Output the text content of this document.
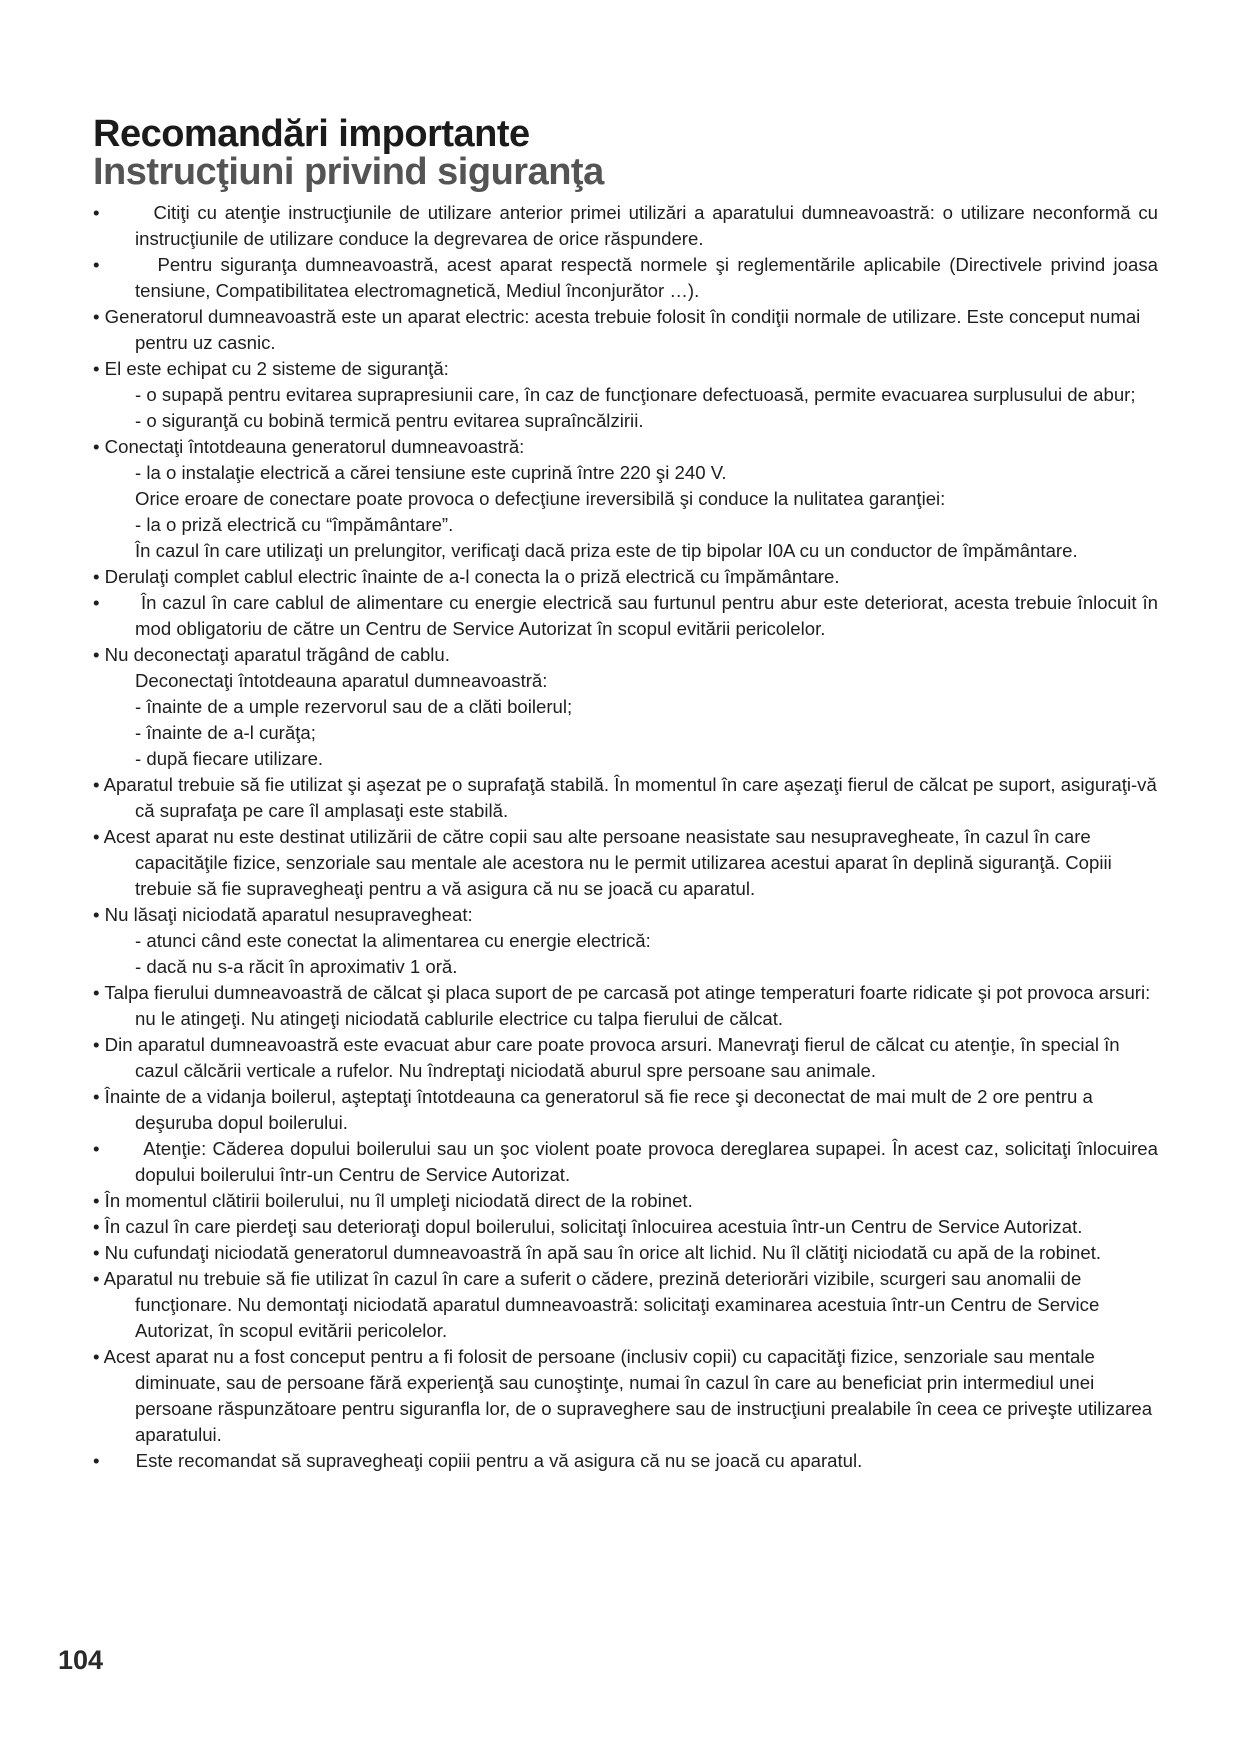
Recomandări importante
Instrucţiuni privind siguranţa

•       Citiţi cu atenţie instrucţiunile de utilizare anterior primei utilizări a aparatului dumneavoastră: o utilizare neconformă cu instrucţiunile de utilizare conduce la degrevarea de orice răspundere.

•       Pentru siguranţa dumneavoastră, acest aparat respectă normele şi reglementările aplicabile (Directivele privind joasa tensiune, Compatibilitatea electromagnetică, Mediul înconjurător …).

• Generatorul dumneavoastră este un aparat electric: acesta trebuie folosit în condiţii normale de utilizare. Este conceput numai pentru uz casnic.

• El este echipat cu 2 sisteme de siguranţă:

- o supapă pentru evitarea suprapresiunii care, în caz de funcţionare defectuoasă, permite evacuarea surplusului de abur;

- o siguranţă cu bobină termică pentru evitarea supraîncălzirii.

• Conectaţi întotdeauna generatorul dumneavoastră:

- la o instalaţie electrică a cărei tensiune este cuprină între 220 şi 240 V.

Orice eroare de conectare poate provoca o defecţiune ireversibilă şi conduce la nulitatea garanţiei:

- la o priză electrică cu “împământare”.

În cazul în care utilizaţi un prelungitor, verificaţi dacă priza este de tip bipolar I0A cu un conductor de împământare.

• Derulaţi complet cablul electric înainte de a-l conecta la o priză electrică cu împământare.

•       În cazul în care cablul de alimentare cu energie electrică sau furtunul pentru abur este deteriorat, acesta trebuie înlocuit în mod obligatoriu de către un Centru de Service Autorizat în scopul evitării pericolelor.

• Nu deconectaţi aparatul trăgând de cablu.

Deconectaţi întotdeauna aparatul dumneavoastră:

- înainte de a umple rezervorul sau de a clăti boilerul;

- înainte de a-l curăţa;

- după fiecare utilizare.

• Aparatul trebuie să fie utilizat şi aşezat pe o suprafaţă stabilă. În momentul în care aşezaţi fierul de călcat pe suport, asiguraţi-vă că suprafaţa pe care îl amplasaţi este stabilă.

• Acest aparat nu este destinat utilizării de către copii sau alte persoane neasistate sau nesupravegheate, în cazul în care capacităţile fizice, senzoriale sau mentale ale acestora nu le permit utilizarea acestui aparat în deplină siguranţă. Copiii trebuie să fie supravegheaţi pentru a vă asigura că nu se joacă cu aparatul.

• Nu lăsaţi niciodată aparatul nesupravegheat:

- atunci când este conectat la alimentarea cu energie electrică:

- dacă nu s-a răcit în aproximativ 1 oră.

• Talpa fierului dumneavoastră de călcat şi placa suport de pe carcasă pot atinge temperaturi foarte ridicate şi pot provoca arsuri: nu le atingeţi. Nu atingeţi niciodată cablurile electrice cu talpa fierului de călcat.

• Din aparatul dumneavoastră este evacuat abur care poate provoca arsuri. Manevraţi fierul de călcat cu atenţie, în special în cazul călcării verticale a rufelor. Nu îndreptaţi niciodată aburul spre persoane sau animale.

• Înainte de a vidanja boilerul, aşteptaţi întotdeauna ca generatorul să fie rece şi deconectat de mai mult de 2 ore pentru a deşuruba dopul boilerului.

•       Atenţie: Căderea dopului boilerului sau un şoc violent poate provoca dereglarea supapei. În acest caz, solicitaţi înlocuirea dopului boilerului într-un Centru de Service Autorizat.

• În momentul clătirii boilerului, nu îl umpleţi niciodată direct de la robinet.

• În cazul în care pierdeţi sau deterioraţi dopul boilerului, solicitaţi înlocuirea acestuia într-un Centru de Service Autorizat.

• Nu cufundaţi niciodată generatorul dumneavoastră în apă sau în orice alt lichid. Nu îl clătiţi niciodată cu apă de la robinet.

• Aparatul nu trebuie să fie utilizat în cazul în care a suferit o cădere, prezină deteriorări vizibile, scurgeri sau anomalii de funcţionare. Nu demontaţi niciodată aparatul dumneavoastră: solicitaţi examinarea acestuia într-un Centru de Service Autorizat, în scopul evitării pericolelor.

• Acest aparat nu a fost conceput pentru a fi folosit de persoane (inclusiv copii) cu capacităţi fizice, senzoriale sau mentale diminuate, sau de persoane fără experienţă sau cunoştinţe, numai în cazul în care au beneficiat prin intermediul unei persoane răspunzătoare pentru siguranfla lor, de o supraveghere sau de instrucţiuni prealabile în ceea ce priveşte utilizarea aparatului.

•       Este recomandat să supravegheaţi copiii pentru a vă asigura că nu se joacă cu aparatul.

104
